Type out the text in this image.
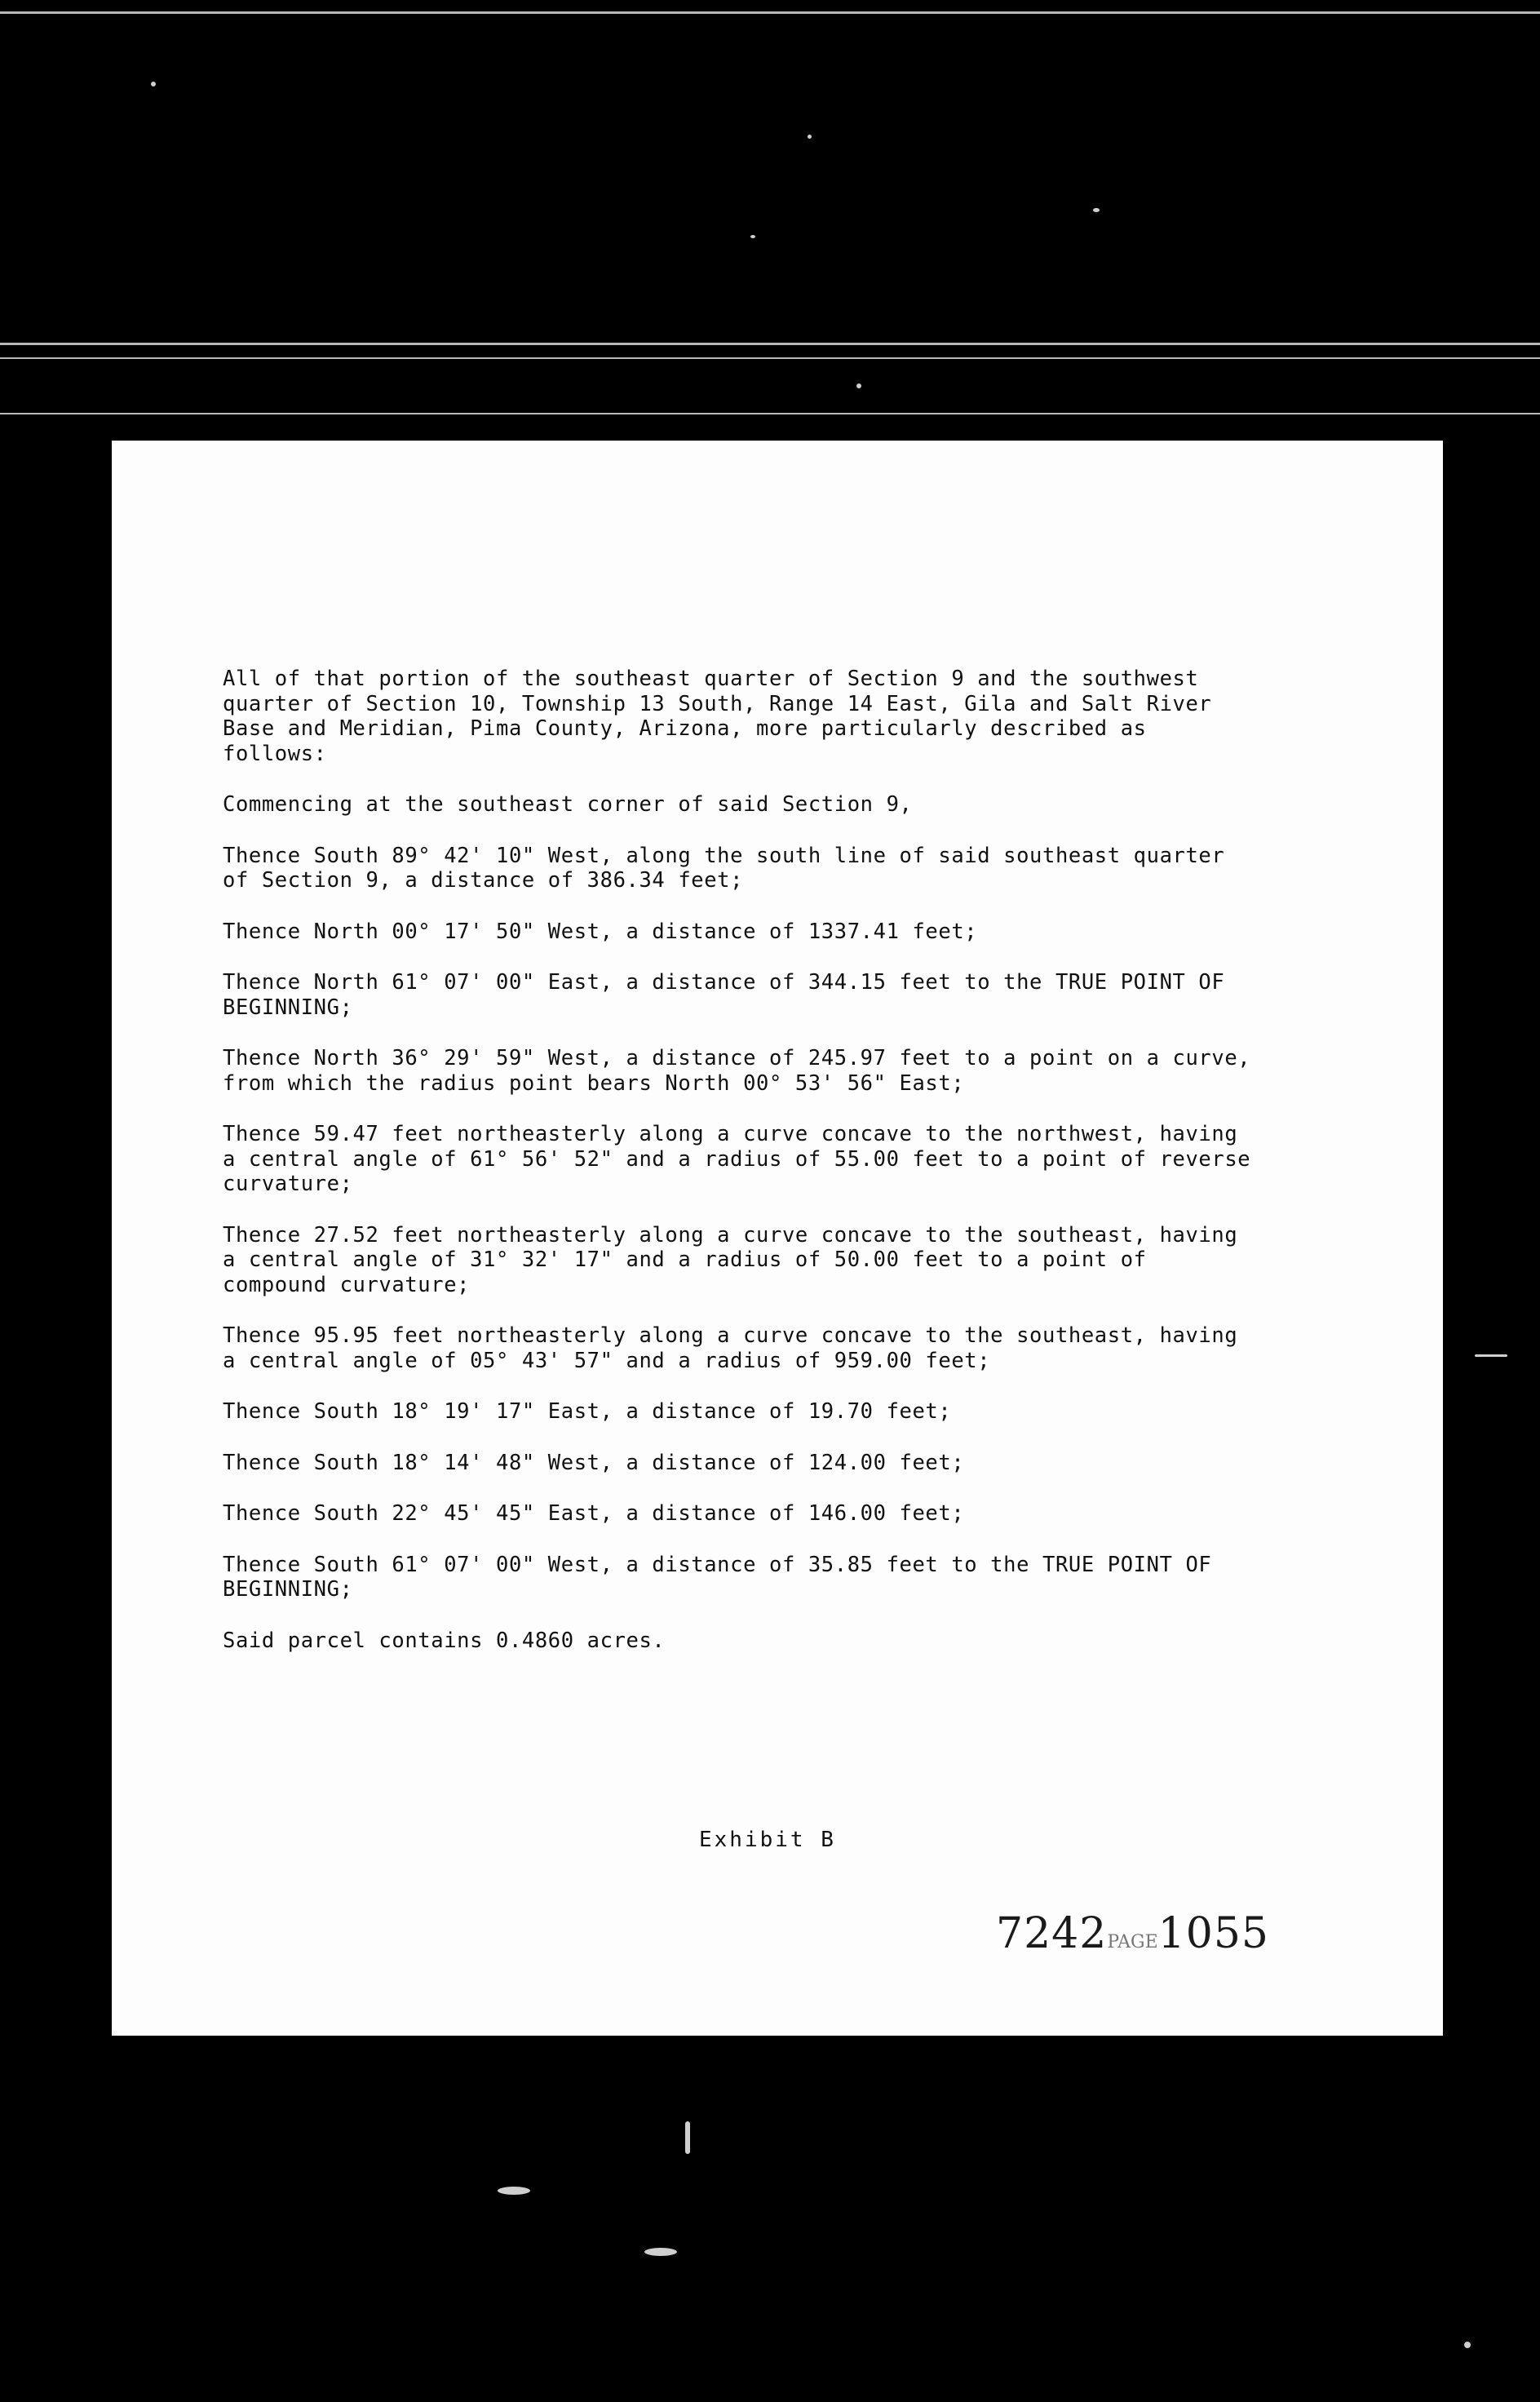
All of that portion of the southeast quarter of Section 9 and the southwest
quarter of Section 10, Township 13 South, Range 14 East, Gila and Salt River
Base and Meridian, Pima County, Arizona, more particularly described as
follows:

Commencing at the southeast corner of said Section 9,

Thence South 89° 42' 10" West, along the south line of said southeast quarter
of Section 9, a distance of 386.34 feet;

Thence North 00° 17' 50" West, a distance of 1337.41 feet;

Thence North 61° 07' 00" East, a distance of 344.15 feet to the TRUE POINT OF
BEGINNING;

Thence North 36° 29' 59" West, a distance of 245.97 feet to a point on a curve,
from which the radius point bears North 00° 53' 56" East;

Thence 59.47 feet northeasterly along a curve concave to the northwest, having
a central angle of 61° 56' 52" and a radius of 55.00 feet to a point of reverse
curvature;

Thence 27.52 feet northeasterly along a curve concave to the southeast, having
a central angle of 31° 32' 17" and a radius of 50.00 feet to a point of
compound curvature;

Thence 95.95 feet northeasterly along a curve concave to the southeast, having
a central angle of 05° 43' 57" and a radius of 959.00 feet;

Thence South 18° 19' 17" East, a distance of 19.70 feet;

Thence South 18° 14' 48" West, a distance of 124.00 feet;

Thence South 22° 45' 45" East, a distance of 146.00 feet;

Thence South 61° 07' 00" West, a distance of 35.85 feet to the TRUE POINT OF
BEGINNING;

Said parcel contains 0.4860 acres.

Exhibit B
7242PAGE1055
